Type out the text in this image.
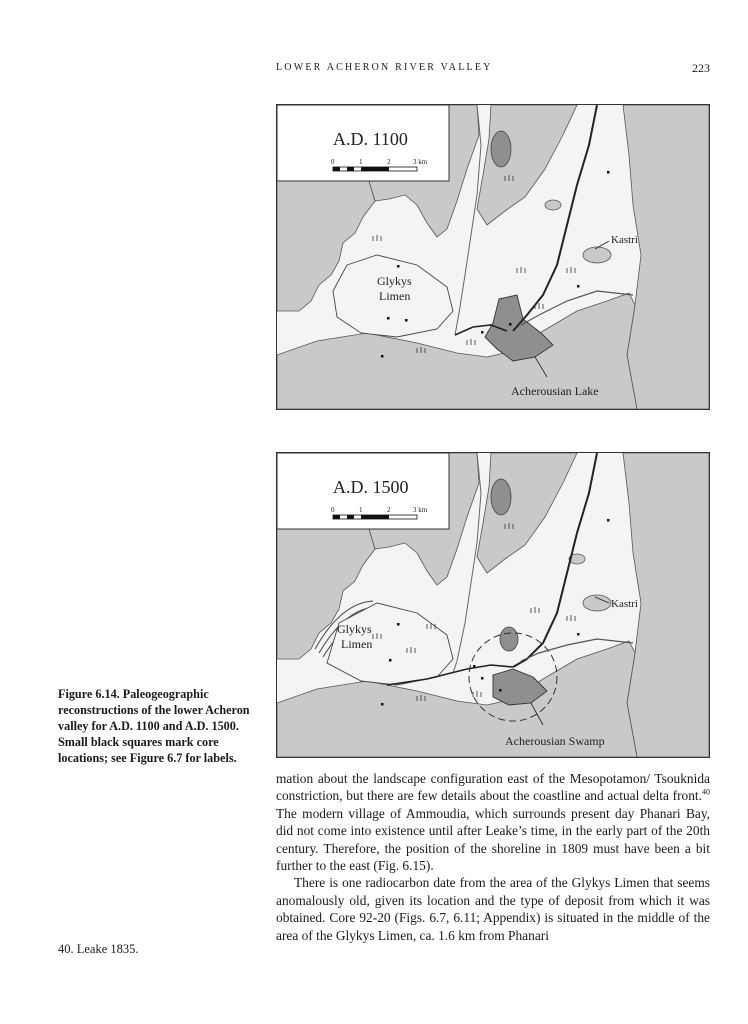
LOWER ACHERON RIVER VALLEY	223
A.D. 1100
0	1	2	3 km
Kastri
Glykys
Limen
Acherousian Lake
A.D. 1500
0	1	2	3 km
Kastri
Glykys
Limen
Acherousian Swamp
Figure 6.14. Paleogeographic reconstructions of the lower Acheron valley for A.D. 1100 and A.D. 1500. Small black squares mark core locations; see Figure 6.7 for labels.

mation about the landscape configuration east of the Mesopotamon/ Tsouknida constriction, but there are few details about the coastline and actual delta front.$^{40}$ The modern village of Ammoudia, which surrounds present day Phanari Bay, did not come into existence until after Leake’s time, in the early part of the 20th century. Therefore, the position of the shoreline in 1809 must have been a bit further to the east (Fig. 6.15).

There is one radiocarbon date from the area of the Glykys Limen that seems anomalously old, given its location and the type of deposit from which it was obtained. Core 92-20 (Figs. 6.7, 6.11; Appendix) is situated in the middle of the area of the Glykys Limen, ca. 1.6 km from Phanari

40. Leake 1835.
